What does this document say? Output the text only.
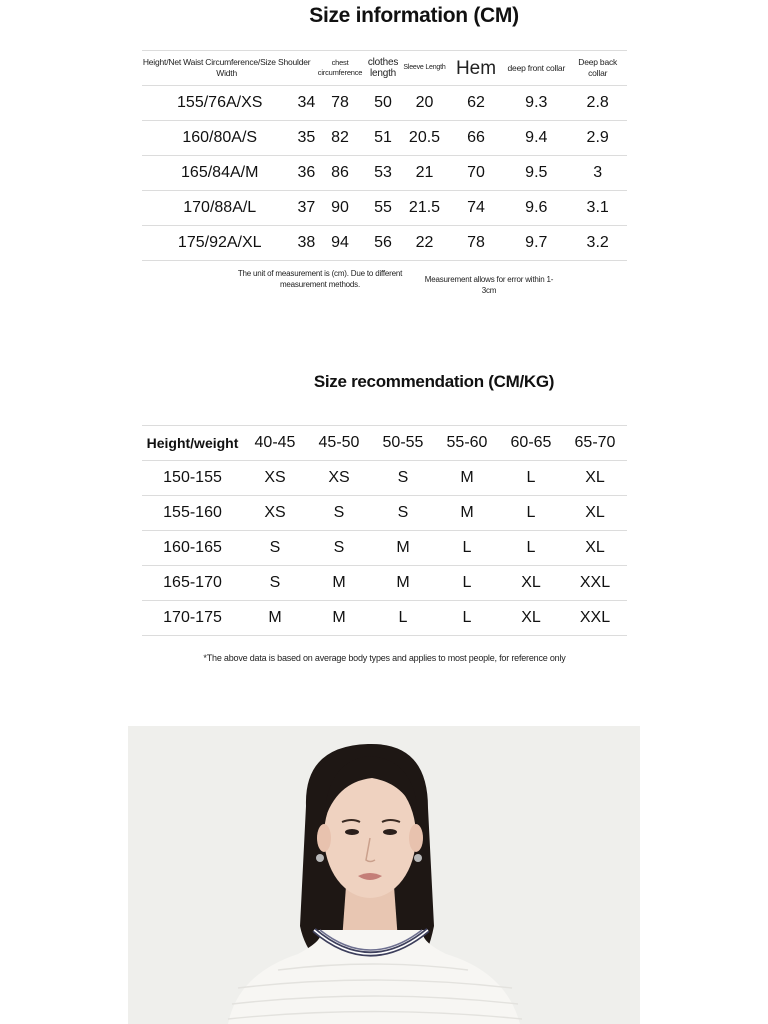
Size information (CM)
Height/Net Waist Circumference/Size Shoulder Width		chest circumference	clothes length	Sleeve Length	Hem	deep front collar	Deep back collar
155/76A/XS	34	78	50	20	62	9.3	2.8
160/80A/S	35	82	51	20.5	66	9.4	2.9
165/84A/M	36	86	53	21	70	9.5	3
170/88A/L	37	90	55	21.5	74	9.6	3.1
175/92A/XL	38	94	56	22	78	9.7	3.2
The unit of measurement is (cm). Due to different measurement methods.
Measurement allows for error within 1-3cm
Size recommendation (CM/KG)
Height/weight	40-45	45-50	50-55	55-60	60-65	65-70
150-155	XS	XS	S	M	L	XL
155-160	XS	S	S	M	L	XL
160-165	S	S	M	L	L	XL
165-170	S	M	M	L	XL	XXL
170-175	M	M	L	L	XL	XXL
*The above data is based on average body types and applies to most people, for reference only
